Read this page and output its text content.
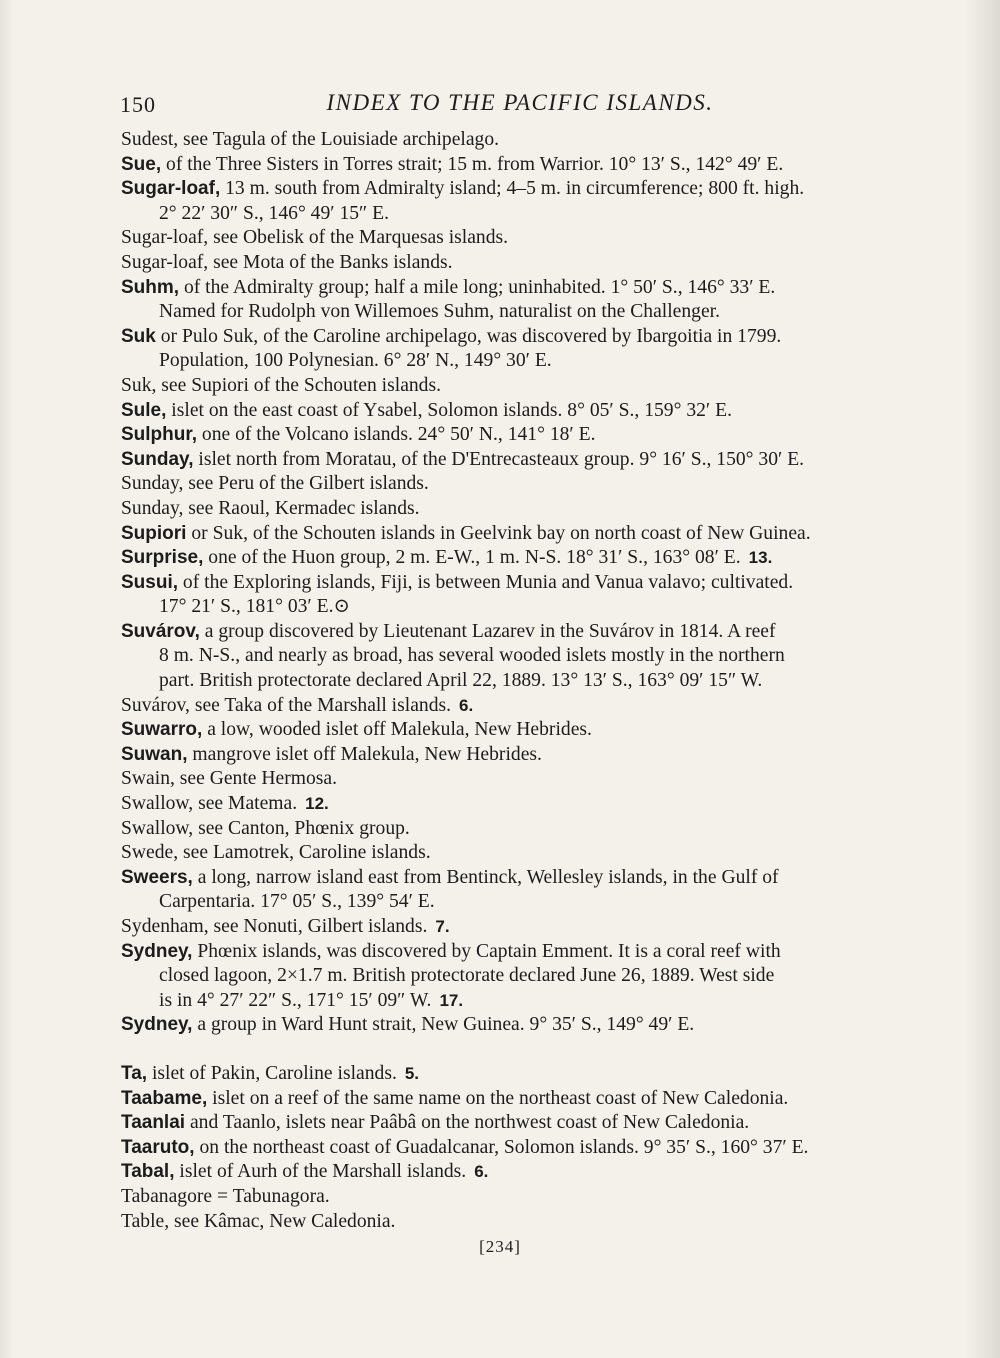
150	INDEX TO THE PACIFIC ISLANDS.
Sudest, see Tagula of the Louisiade archipelago.
Sue, of the Three Sisters in Torres strait; 15 m. from Warrior. 10° 13′ S., 142° 49′ E.
Sugar-loaf, 13 m. south from Admiralty island; 4–5 m. in circumference; 800 ft. high.
2° 22′ 30″ S., 146° 49′ 15″ E.
Sugar-loaf, see Obelisk of the Marquesas islands.
Sugar-loaf, see Mota of the Banks islands.
Suhm, of the Admiralty group; half a mile long; uninhabited. 1° 50′ S., 146° 33′ E.
Named for Rudolph von Willemoes Suhm, naturalist on the Challenger.
Suk or Pulo Suk, of the Caroline archipelago, was discovered by Ibargoitia in 1799.
Population, 100 Polynesian. 6° 28′ N., 149° 30′ E.
Suk, see Supiori of the Schouten islands.
Sule, islet on the east coast of Ysabel, Solomon islands. 8° 05′ S., 159° 32′ E.
Sulphur, one of the Volcano islands. 24° 50′ N., 141° 18′ E.
Sunday, islet north from Moratau, of the D'Entrecasteaux group. 9° 16′ S., 150° 30′ E.
Sunday, see Peru of the Gilbert islands.
Sunday, see Raoul, Kermadec islands.
Supiori or Suk, of the Schouten islands in Geelvink bay on north coast of New Guinea.
Surprise, one of the Huon group, 2 m. E-W., 1 m. N-S. 18° 31′ S., 163° 08′ E. 13.
Susui, of the Exploring islands, Fiji, is between Munia and Vanua valavo; cultivated.
17° 21′ S., 181° 03′ E.⊙
Suvárov, a group discovered by Lieutenant Lazarev in the Suvárov in 1814. A reef
8 m. N-S., and nearly as broad, has several wooded islets mostly in the northern
part. British protectorate declared April 22, 1889. 13° 13′ S., 163° 09′ 15″ W.
Suvárov, see Taka of the Marshall islands. 6.
Suwarro, a low, wooded islet off Malekula, New Hebrides.
Suwan, mangrove islet off Malekula, New Hebrides.
Swain, see Gente Hermosa.
Swallow, see Matema. 12.
Swallow, see Canton, Phœnix group.
Swede, see Lamotrek, Caroline islands.
Sweers, a long, narrow island east from Bentinck, Wellesley islands, in the Gulf of
Carpentaria. 17° 05′ S., 139° 54′ E.
Sydenham, see Nonuti, Gilbert islands. 7.
Sydney, Phœnix islands, was discovered by Captain Emment. It is a coral reef with
closed lagoon, 2×1.7 m. British protectorate declared June 26, 1889. West side
is in 4° 27′ 22″ S., 171° 15′ 09″ W. 17.
Sydney, a group in Ward Hunt strait, New Guinea. 9° 35′ S., 149° 49′ E.
Ta, islet of Pakin, Caroline islands. 5.
Taabame, islet on a reef of the same name on the northeast coast of New Caledonia.
Taanlai and Taanlo, islets near Paâbâ on the northwest coast of New Caledonia.
Taaruto, on the northeast coast of Guadalcanar, Solomon islands. 9° 35′ S., 160° 37′ E.
Tabal, islet of Aurh of the Marshall islands. 6.
Tabanagore = Tabunagora.
Table, see Kâmac, New Caledonia.
[234]
